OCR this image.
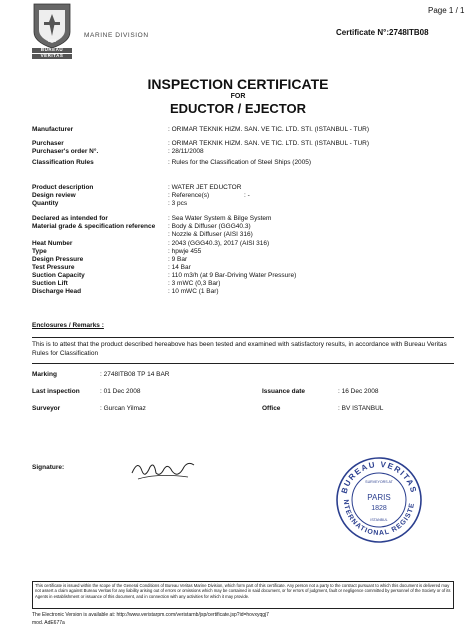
BUREAU
VERITAS
1828
MARINE DIVISION
Page 1 / 1
Certificate N°:2748ITB08
INSPECTION CERTIFICATE
FOR
EDUCTOR / EJECTOR
Manufacturer	: ORIMAR TEKNIK HIZM. SAN. VE TIC. LTD. STI. (ISTANBUL - TUR)
Purchaser	: ORIMAR TEKNIK HIZM. SAN. VE TIC. LTD. STI. (ISTANBUL - TUR)
Purchaser's order N°.	: 28/11/2008
Classification Rules	: Rules for the Classification of Steel Ships (2005)
Product description	: WATER JET EDUCTOR
Design review	: Reference(s)	: -
Quantity	: 3 pcs
Declared as intended for	: Sea Water System & Bilge System
Material grade & specification reference : Body & Diffuser (GGG40.3)
: Nozzle & Diffuser (AISI 316)
Heat Number	: 2043 (GGG40.3), 2017 (AISI 316)
Type	: hpwje 455
Design Pressure	: 9 Bar
Test Pressure	: 14 Bar
Suction Capacity	: 110 m3/h (at 9 Bar-Driving Water Pressure)
Suction Lift	: 3 mWC (0,3 Bar)
Discharge Head	: 10 mWC (1 Bar)
Enclosures / Remarks :
This is to attest that the product described hereabove has been tested and examined with satisfactory results, in accordance with Bureau Veritas Rules for Classification
Marking	: 2748ITB08 TP 14 BAR
Last inspection	: 01 Dec 2008	Issuance date	: 16 Dec 2008
Surveyor	: Gurcan Yilmaz	Office	: BV ISTANBUL
Signature:
BUREAU VERITAS
NTERNATIONAL REGISTE
SURVEYORS AT
PARIS
1828
ISTANBUL
This certificate is issued within the scope of the General Conditions of Bureau Veritas Marine Division, which form part of this certificate. Any person not a party to the contract pursuant to which this document is delivered may not assert a claim against Bureau Veritas for any liability arising out of errors or omissions which may be contained in said document, or for errors of judgment, fault or negligence committed by personnel of the Society or of its Agents in establishment or issuance of this document, and in connection with any activities for which it may provide.
The Electronic Version is available at: http://www.veristarpm.com/veristarnb/jsp/certificate.jsp?id=hovxyqgj7
mod. AdE677a
